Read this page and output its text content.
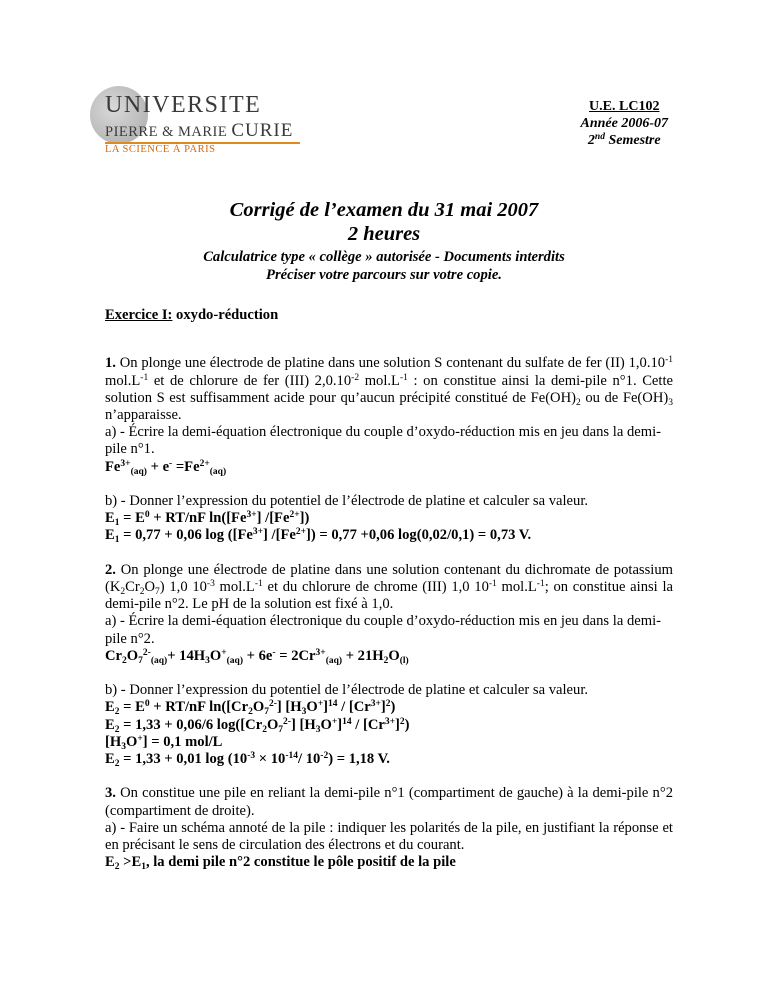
UNIVERSITE
PIERRE & MARIE CURIE
LA SCIENCE À PARIS
U.E. LC102
Année 2006-07
2nd Semestre
Corrigé de l’examen du 31 mai 2007
2 heures
Calculatrice type « collège » autorisée - Documents interdits
Préciser votre parcours sur votre copie.

Exercice I: oxydo-réduction

1. On plonge une électrode de platine dans une solution S contenant du sulfate de fer (II) $1,0.10^{-1}$ $mol.L^{-1}$ et de chlorure de fer (III) $2,0.10^{-2}$ $mol.L^{-1}$ : on constitue ainsi la demi-pile n°1. Cette solution S est suffisamment acide pour qu’aucun précipité constitué de $Fe(OH)_2$ ou de $Fe(OH)_3$ n’apparaisse.

a) - Écrire la demi-équation électronique du couple d’oxydo-réduction mis en jeu dans la demi-pile n°1.

$Fe^{3+}_{(aq)} + e^- =Fe^{2+}_{(aq)}$

b) - Donner l’expression du potentiel de l’électrode de platine et calculer sa valeur.

$E_1 = E^0 + RT/nF$ $\ln([Fe^{3+}]$ $/[Fe^{2+}]$)

$E_1 = 0,77 + 0,06$ $\log ([Fe^{3+}] /[Fe^{2+}]) = 0,77 +0,06$ log(0,02/0,1) = 0,73 V.

2. On plonge une électrode de platine dans une solution contenant du dichromate de potassium $(K_2Cr_2O_7)$ 1,0 $10^{-3}$ $mol.L^{-1}$ et du chlorure de chrome (III) 1,0 $10^{-1}$ $mol.L^{-1}$; on constitue ainsi la demi-pile n°2. Le pH de la solution est fixé à 1,0.

a) - Écrire la demi-équation électronique du couple d’oxydo-réduction mis en jeu dans la demi-pile n°2.

$Cr_2O_7^{2-}_{(aq)}+ 14H_3O^+_{(aq)} + 6e^- = 2Cr^{3+}_{(aq)} + 21H_2O_{(l)}$

b) - Donner l’expression du potentiel de l’électrode de platine et calculer sa valeur.

$E_2 = E^0 + RT/nF$ $\ln([Cr_2O_7^{2-}]$ $[H_3O^+]^{14} / [Cr^{3+}]^2$)

$E_2 = 1,33 + 0,06/6$ $\log([Cr_2O_7^{2-}]$ $[H_3O^+]^{14} / [Cr^{3+}]^2$)

$[H_3O^+] = 0,1$ mol/L

$E_2 = 1,33 + 0,01$ $\log (10^{-3} \times 10^{-14}/$ $10^{-2}) = 1,18$ V.

3. On constitue une pile en reliant la demi-pile n°1 (compartiment de gauche) à la demi-pile n°2 (compartiment de droite).

a) - Faire un schéma annoté de la pile : indiquer les polarités de la pile, en justifiant la réponse et en précisant le sens de circulation des électrons et du courant.

$E_2 >E_1$, la demi pile n°2 constitue le pôle positif de la pile
